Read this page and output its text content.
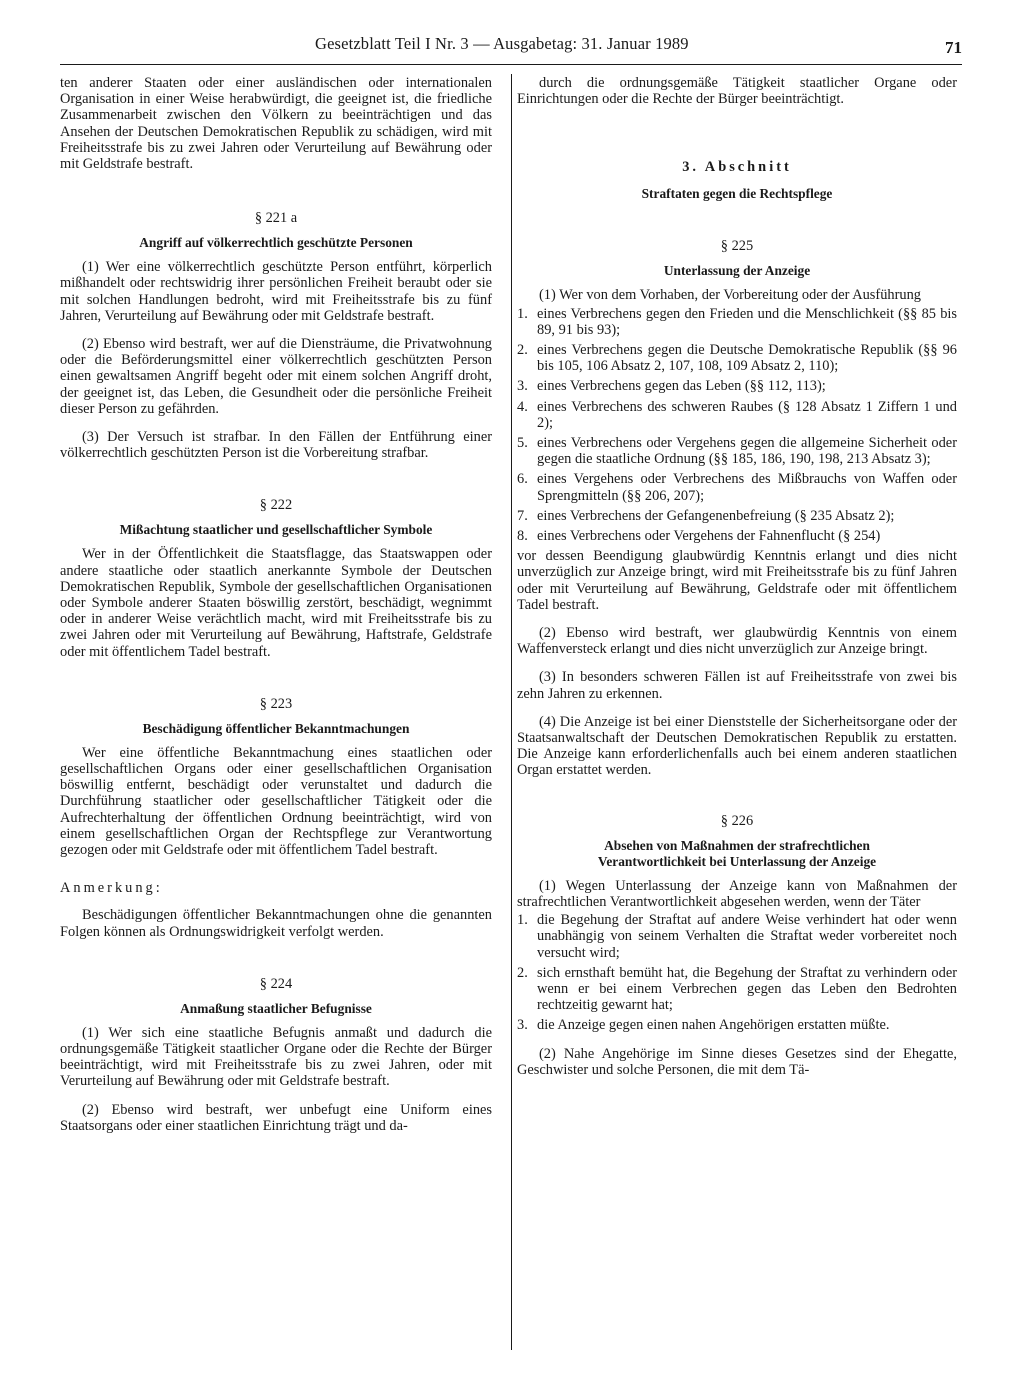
Gesetzblatt Teil I Nr. 3 — Ausgabetag: 31. Januar 1989	71

ten anderer Staaten oder einer ausländischen oder internationalen Organisation in einer Weise herabwürdigt, die geeignet ist, die friedliche Zusammenarbeit zwischen den Völkern zu beeinträchtigen und das Ansehen der Deutschen Demokratischen Republik zu schädigen, wird mit Freiheitsstrafe bis zu zwei Jahren oder Verurteilung auf Bewährung oder mit Geldstrafe bestraft.

§ 221 a
Angriff auf völkerrechtlich geschützte Personen

(1) Wer eine völkerrechtlich geschützte Person entführt, körperlich mißhandelt oder rechtswidrig ihrer persönlichen Freiheit beraubt oder sie mit solchen Handlungen bedroht, wird mit Freiheitsstrafe bis zu fünf Jahren, Verurteilung auf Bewährung oder mit Geldstrafe bestraft.

(2) Ebenso wird bestraft, wer auf die Diensträume, die Privatwohnung oder die Beförderungsmittel einer völkerrechtlich geschützten Person einen gewaltsamen Angriff begeht oder mit einem solchen Angriff droht, der geeignet ist, das Leben, die Gesundheit oder die persönliche Freiheit dieser Person zu gefährden.

(3) Der Versuch ist strafbar. In den Fällen der Entführung einer völkerrechtlich geschützten Person ist die Vorbereitung strafbar.

§ 222
Mißachtung staatlicher und gesellschaftlicher Symbole

Wer in der Öffentlichkeit die Staatsflagge, das Staatswappen oder andere staatliche oder staatlich anerkannte Symbole der Deutschen Demokratischen Republik, Symbole der gesellschaftlichen Organisationen oder Symbole anderer Staaten böswillig zerstört, beschädigt, wegnimmt oder in anderer Weise verächtlich macht, wird mit Freiheitsstrafe bis zu zwei Jahren oder mit Verurteilung auf Bewährung, Haftstrafe, Geldstrafe oder mit öffentlichem Tadel bestraft.

§ 223
Beschädigung öffentlicher Bekanntmachungen

Wer eine öffentliche Bekanntmachung eines staatlichen oder gesellschaftlichen Organs oder einer gesellschaftlichen Organisation böswillig entfernt, beschädigt oder verunstaltet und dadurch die Durchführung staatlicher oder gesellschaftlicher Tätigkeit oder die Aufrechterhaltung der öffentlichen Ordnung beeinträchtigt, wird von einem gesellschaftlichen Organ der Rechtspflege zur Verantwortung gezogen oder mit Geldstrafe oder mit öffentlichem Tadel bestraft.

Anmerkung:

Beschädigungen öffentlicher Bekanntmachungen ohne die genannten Folgen können als Ordnungswidrigkeit verfolgt werden.

§ 224
Anmaßung staatlicher Befugnisse

(1) Wer sich eine staatliche Befugnis anmaßt und dadurch die ordnungsgemäße Tätigkeit staatlicher Organe oder die Rechte der Bürger beeinträchtigt, wird mit Freiheitsstrafe bis zu zwei Jahren, oder mit Verurteilung auf Bewährung oder mit Geldstrafe bestraft.

(2) Ebenso wird bestraft, wer unbefugt eine Uniform eines Staatsorgans oder einer staatlichen Einrichtung trägt und da-

durch die ordnungsgemäße Tätigkeit staatlicher Organe oder Einrichtungen oder die Rechte der Bürger beeinträchtigt.

3. Abschnitt
Straftaten gegen die Rechtspflege
§ 225
Unterlassung der Anzeige

(1) Wer von dem Vorhaben, der Vorbereitung oder der Ausführung

1. eines Verbrechens gegen den Frieden und die Menschlichkeit (§§ 85 bis 89, 91 bis 93);
2. eines Verbrechens gegen die Deutsche Demokratische Republik (§§ 96 bis 105, 106 Absatz 2, 107, 108, 109 Absatz 2, 110);
3. eines Verbrechens gegen das Leben (§§ 112, 113);
4. eines Verbrechens des schweren Raubes (§ 128 Absatz 1 Ziffern 1 und 2);
5. eines Verbrechens oder Vergehens gegen die allgemeine Sicherheit oder gegen die staatliche Ordnung (§§ 185, 186, 190, 198, 213 Absatz 3);
6. eines Vergehens oder Verbrechens des Mißbrauchs von Waffen oder Sprengmitteln (§§ 206, 207);
7. eines Verbrechens der Gefangenenbefreiung (§ 235 Absatz 2);
8. eines Verbrechens oder Vergehens der Fahnenflucht (§ 254)

vor dessen Beendigung glaubwürdig Kenntnis erlangt und dies nicht unverzüglich zur Anzeige bringt, wird mit Freiheitsstrafe bis zu fünf Jahren oder mit Verurteilung auf Bewährung, Geldstrafe oder mit öffentlichem Tadel bestraft.

(2) Ebenso wird bestraft, wer glaubwürdig Kenntnis von einem Waffenversteck erlangt und dies nicht unverzüglich zur Anzeige bringt.

(3) In besonders schweren Fällen ist auf Freiheitsstrafe von zwei bis zehn Jahren zu erkennen.

(4) Die Anzeige ist bei einer Dienststelle der Sicherheitsorgane oder der Staatsanwaltschaft der Deutschen Demokratischen Republik zu erstatten. Die Anzeige kann erforderlichenfalls auch bei einem anderen staatlichen Organ erstattet werden.

§ 226
Absehen von Maßnahmen der strafrechtlichen Verantwortlichkeit bei Unterlassung der Anzeige

(1) Wegen Unterlassung der Anzeige kann von Maßnahmen der strafrechtlichen Verantwortlichkeit abgesehen werden, wenn der Täter

1. die Begehung der Straftat auf andere Weise verhindert hat oder wenn unabhängig von seinem Verhalten die Straftat weder vorbereitet noch versucht wird;
2. sich ernsthaft bemüht hat, die Begehung der Straftat zu verhindern oder wenn er bei einem Verbrechen gegen das Leben den Bedrohten rechtzeitig gewarnt hat;
3. die Anzeige gegen einen nahen Angehörigen erstatten müßte.

(2) Nahe Angehörige im Sinne dieses Gesetzes sind der Ehegatte, Geschwister und solche Personen, die mit dem Tä-
